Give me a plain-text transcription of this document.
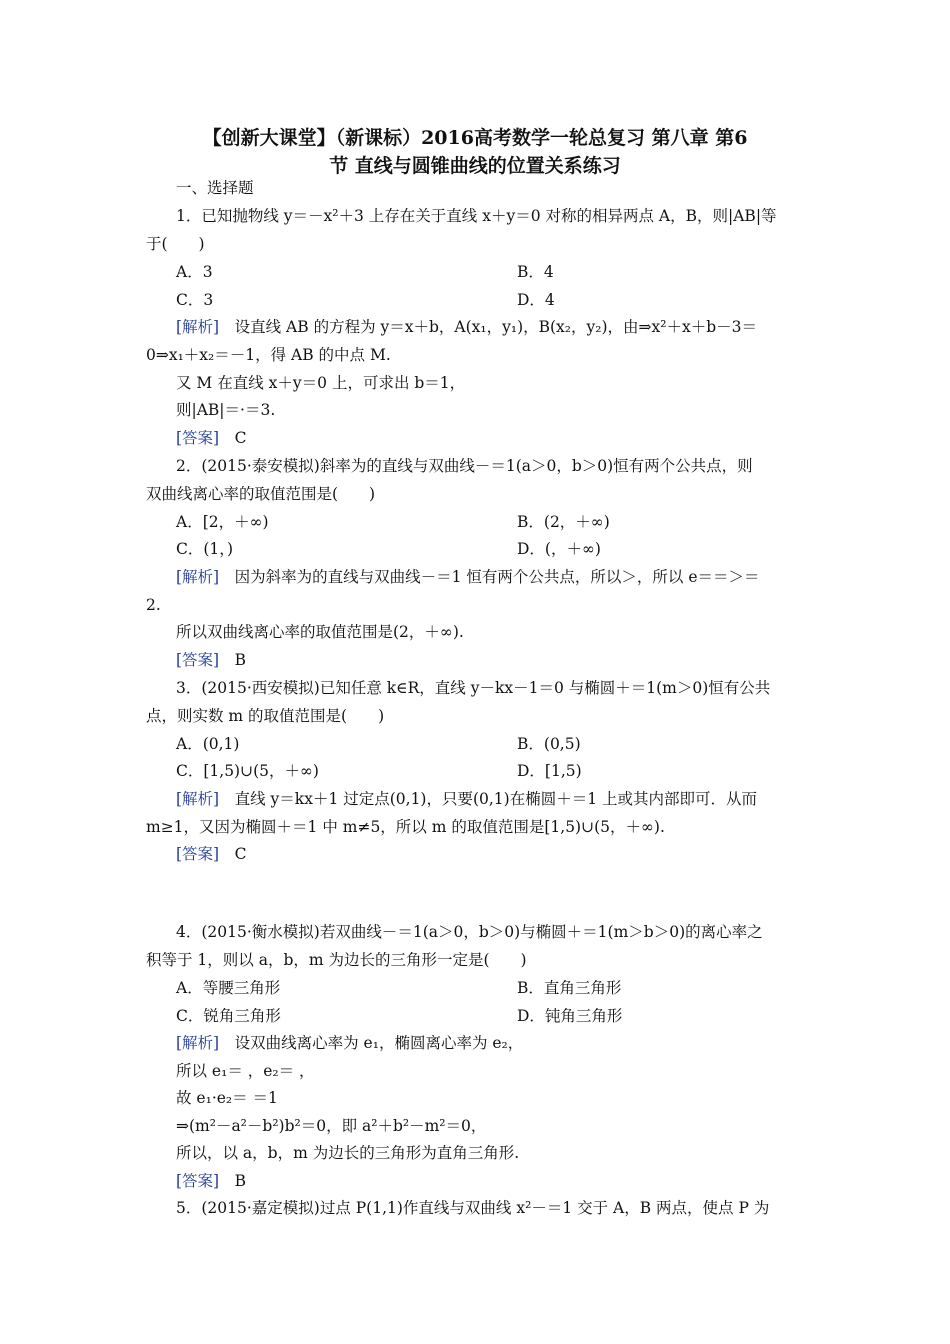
【创新大课堂】（新课标）2016高考数学一轮总复习 第八章 第6
节 直线与圆锥曲线的位置关系练习
一、选择题
1．已知抛物线 y＝－x²＋3 上存在关于直线 x＋y＝0 对称的相异两点 A，B，则|AB|等
于(　　)
A．3	B．4
C．3	D．4
[解析]　 设直线 AB 的方程为 y＝x＋b，A(x₁，y₁)，B(x₂，y₂)，由⇒x²＋x＋b－3＝
0⇒x₁＋x₂＝－1，得 AB 的中点 M.
又 M 在直线 x＋y＝0 上，可求出 b＝1，
则|AB|＝·＝3.
[答案]　 C
2．(2015·泰安模拟)斜率为的直线与双曲线－＝1(a＞0，b＞0)恒有两个公共点，则
双曲线离心率的取值范围是(　　)
A．[2，＋∞)	B．(2，＋∞)
C．(1，)	D．(，＋∞)
[解析]　 因为斜率为的直线与双曲线－＝1 恒有两个公共点，所以＞，所以 e＝＝＞＝
2.
所以双曲线离心率的取值范围是(2，＋∞).
[答案]　 B
3．(2015·西安模拟)已知任意 k∈R，直线 y－kx－1＝0 与椭圆＋＝1(m＞0)恒有公共
点，则实数 m 的取值范围是(　　)
A．(0,1)	B．(0,5)
C．[1,5)∪(5，＋∞)	D．[1,5)
[解析]　 直线 y＝kx＋1 过定点(0,1)，只要(0,1)在椭圆＋＝1 上或其内部即可．从而
m≥1，又因为椭圆＋＝1 中 m≠5，所以 m 的取值范围是[1,5)∪(5，＋∞).
[答案]　 C
4．(2015·衡水模拟)若双曲线－＝1(a＞0，b＞0)与椭圆＋＝1(m＞b＞0)的离心率之
积等于 1，则以 a，b，m 为边长的三角形一定是(　　)
A．等腰三角形	B．直角三角形
C．锐角三角形	D．钝角三角形
[解析]　 设双曲线离心率为 e₁，椭圆离心率为 e₂，
所以 e₁＝ ，e₂＝ ，
故 e₁·e₂＝ ＝1
⇒(m²－a²－b²)b²＝0，即 a²＋b²－m²＝0，
所以，以 a，b，m 为边长的三角形为直角三角形.
[答案]　 B
5．(2015·嘉定模拟)过点 P(1,1)作直线与双曲线 x²－＝1 交于 A，B 两点，使点 P 为
